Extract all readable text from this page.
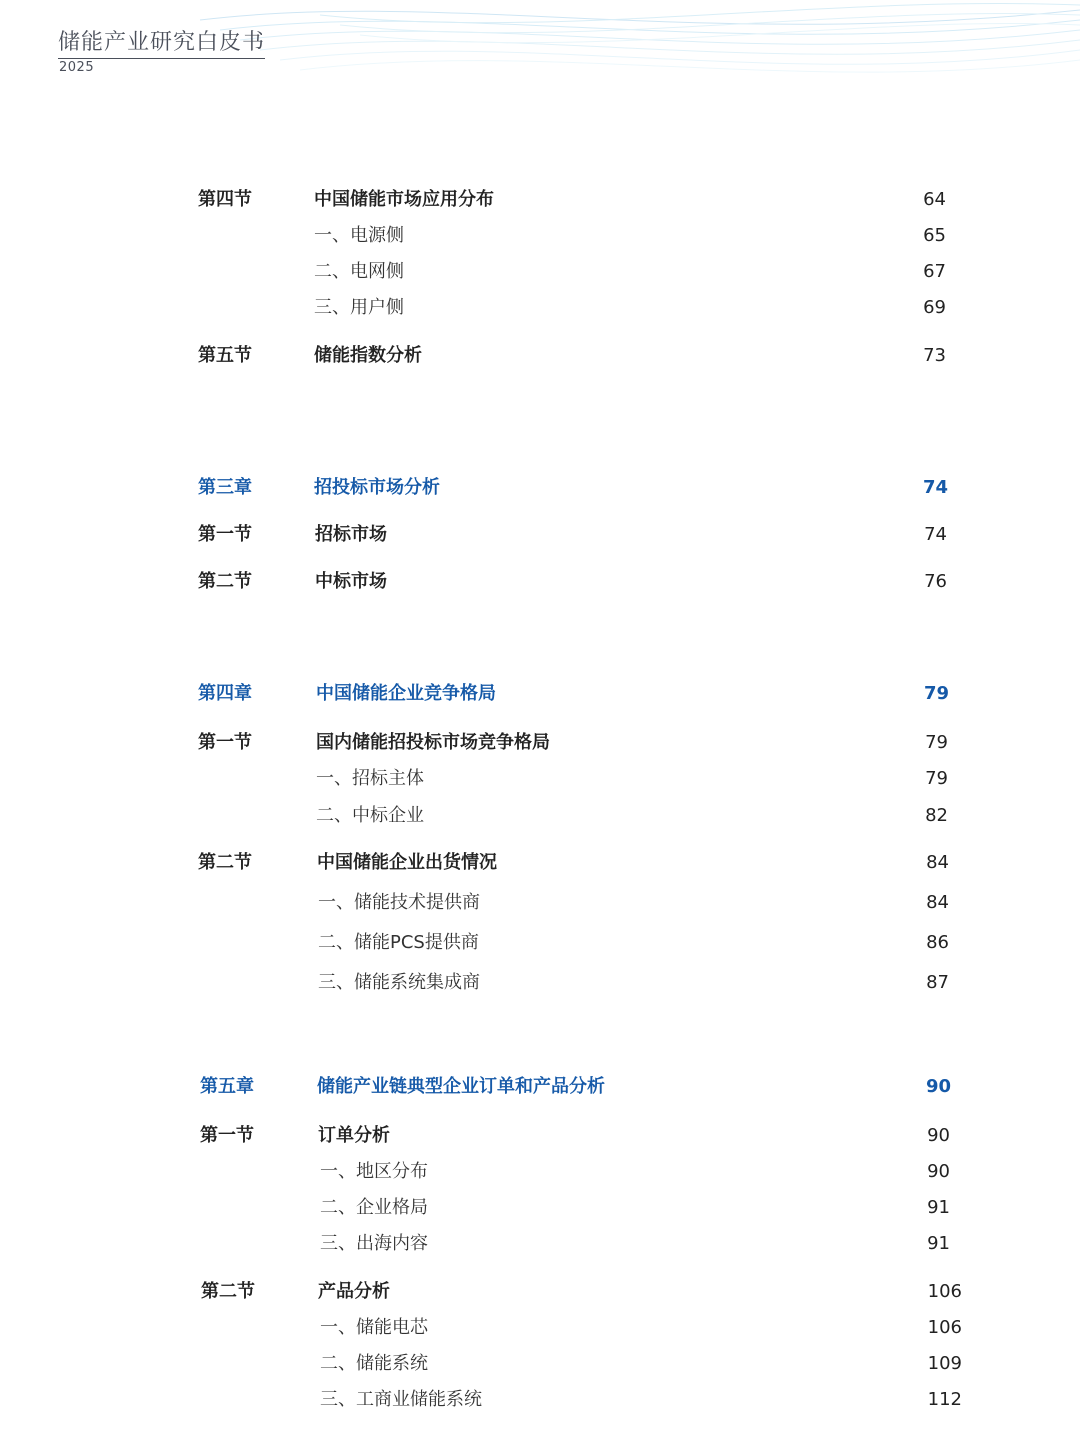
储能产业研究白皮书
2025
第四节	中国储能市场应用分布	64
一、电源侧	65
二、电网侧	67
三、用户侧	69
第五节	储能指数分析	73
第三章	招投标市场分析	74
第一节	招标市场	74
第二节	中标市场	76
第四章	中国储能企业竞争格局	79
第一节	国内储能招投标市场竞争格局	79
一、招标主体	79
二、中标企业	82
第二节	中国储能企业出货情况	84
一、储能技术提供商	84
二、储能PCS提供商	86
三、储能系统集成商	87
第五章	储能产业链典型企业订单和产品分析	90
第一节	订单分析	90
一、地区分布	90
二、企业格局	91
三、出海内容	91
第二节	产品分析	106
一、储能电芯	106
二、储能系统	109
三、工商业储能系统	112
